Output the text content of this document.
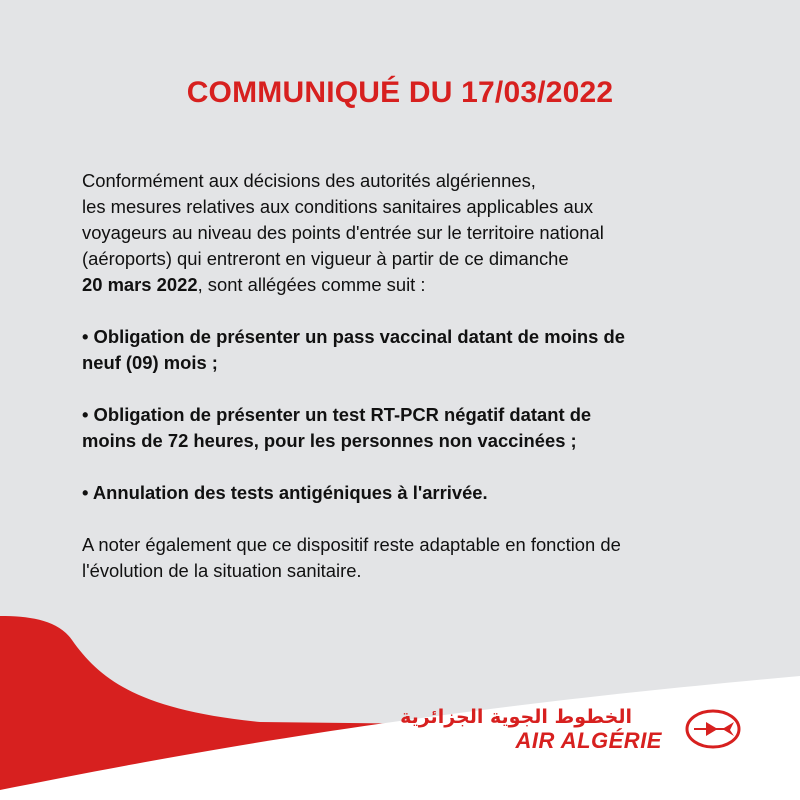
COMMUNIQUÉ DU 17/03/2022

Conformément aux décisions des autorités algériennes,
les mesures relatives aux conditions sanitaires applicables aux
voyageurs au niveau des points d'entrée sur le territoire national
(aéroports) qui entreront en vigueur à partir de ce dimanche
20 mars 2022, sont allégées comme suit :

• Obligation de présenter un pass vaccinal datant de moins de
neuf (09) mois ;

• Obligation de présenter un test RT-PCR négatif datant de
moins de 72 heures, pour les personnes non vaccinées ;

• Annulation des tests antigéniques à l'arrivée.

A noter également que ce dispositif reste adaptable en fonction de
l'évolution de la situation sanitaire.

الخطوط الجوية الجزائرية
AIR ALGÉRIE
